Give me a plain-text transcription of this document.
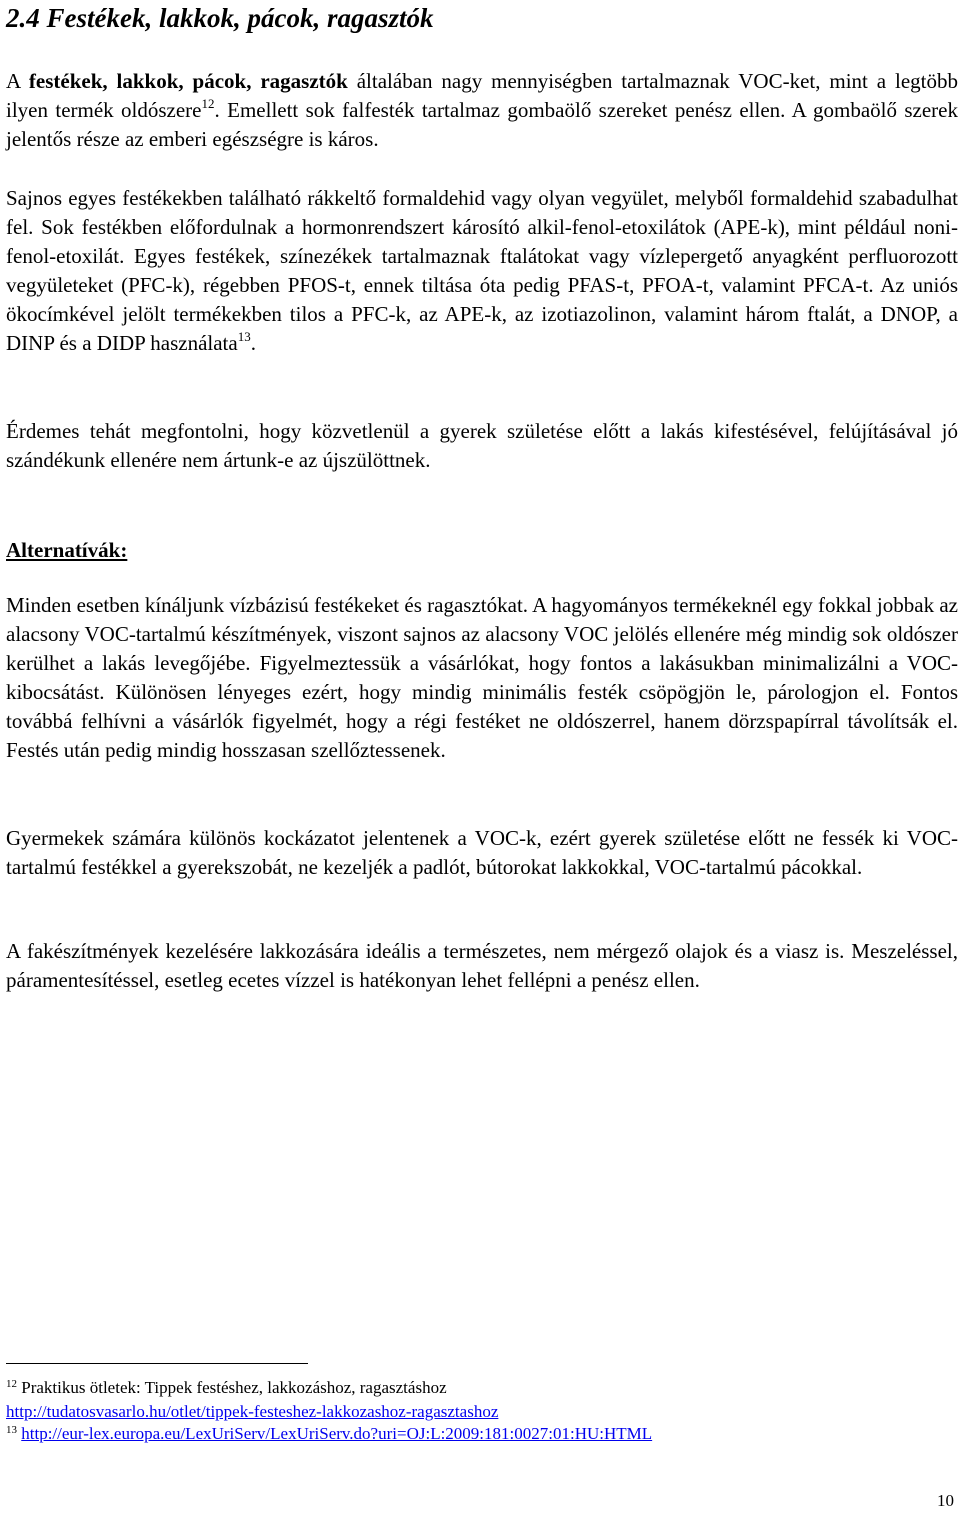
2.4 Festékek, lakkok, pácok, ragasztók

A festékek, lakkok, pácok, ragasztók általában nagy mennyiségben tartalmaznak VOC-ket, mint a legtöbb ilyen termék oldószere$^{12}$. Emellett sok falfesték tartalmaz gombaölő szereket penész ellen. A gombaölő szerek jelentős része az emberi egészségre is káros.

Sajnos egyes festékekben található rákkeltő formaldehid vagy olyan vegyület, melyből formaldehid szabadulhat fel. Sok festékben előfordulnak a hormonrendszert károsító alkil-fenol-etoxilátok (APE-k), mint például noni-fenol-etoxilát. Egyes festékek, színezékek tartalmaznak ftalátokat vagy vízlepergető anyagként perfluorozott vegyületeket (PFC-k), régebben PFOS-t, ennek tiltása óta pedig PFAS-t, PFOA-t, valamint PFCA-t. Az uniós ökocímkével jelölt termékekben tilos a PFC-k, az APE-k, az izotiazolinon, valamint három ftalát, a DNOP, a DINP és a DIDP használata$^{13}$.

Érdemes tehát megfontolni, hogy közvetlenül a gyerek születése előtt a lakás kifestésével, felújításával jó szándékunk ellenére nem ártunk-e az újszülöttnek.

Alternatívák:

Minden esetben kínáljunk vízbázisú festékeket és ragasztókat. A hagyományos termékeknél egy fokkal jobbak az alacsony VOC-tartalmú készítmények, viszont sajnos az alacsony VOC jelölés ellenére még mindig sok oldószer kerülhet a lakás levegőjébe. Figyelmeztessük a vásárlókat, hogy fontos a lakásukban minimalizálni a VOC-kibocsátást. Különösen lényeges ezért, hogy mindig minimális festék csöpögjön le, párologjon el. Fontos továbbá felhívni a vásárlók figyelmét, hogy a régi festéket ne oldószerrel, hanem dörzspapírral távolítsák el. Festés után pedig mindig hosszasan szellőztessenek.

Gyermekek számára különös kockázatot jelentenek a VOC-k, ezért gyerek születése előtt ne fessék ki VOC-tartalmú festékkel a gyerekszobát, ne kezeljék a padlót, bútorokat lakkokkal, VOC-tartalmú pácokkal.

A fakészítmények kezelésére lakkozására ideális a természetes, nem mérgező olajok és a viasz is. Meszeléssel, páramentesítéssel, esetleg ecetes vízzel is hatékonyan lehet fellépni a penész ellen.

$^{12}$ Praktikus ötletek: Tippek festéshez, lakkozáshoz, ragasztáshoz
http://tudatosvasarlo.hu/otlet/tippek-festeshez-lakkozashoz-ragasztashoz
$^{13}$ http://eur-lex.europa.eu/LexUriServ/LexUriServ.do?uri=OJ:L:2009:181:0027:01:HU:HTML
10
